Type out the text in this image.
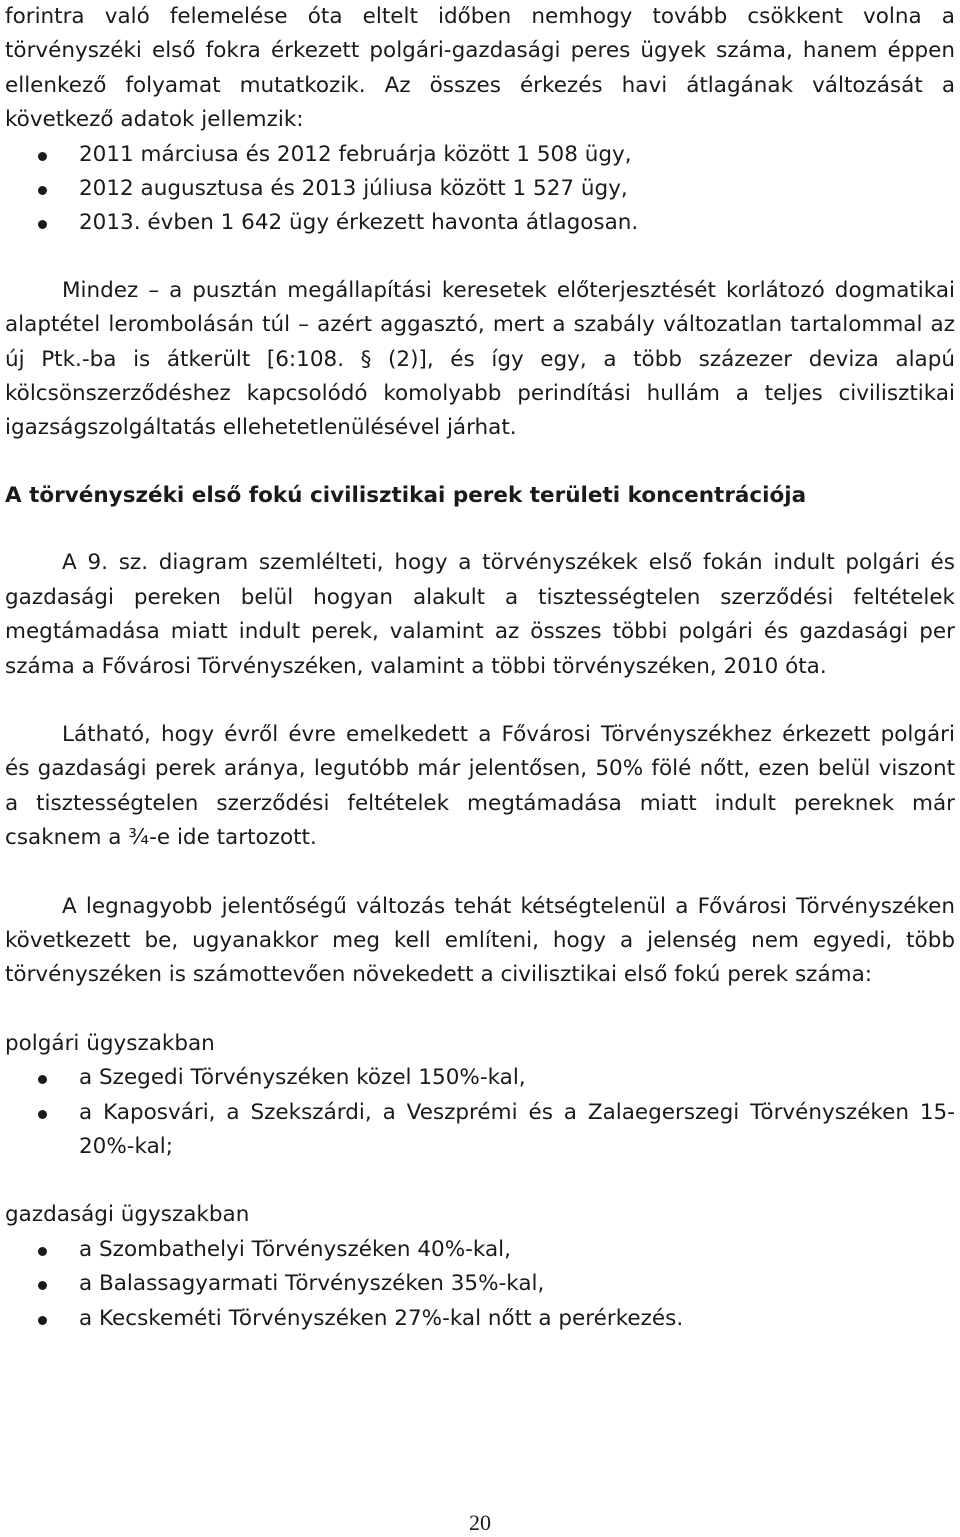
forintra való felemelése óta eltelt időben nemhogy tovább csökkent volna a törvényszéki első fokra érkezett polgári-gazdasági peres ügyek száma, hanem éppen ellenkező folyamat mutatkozik. Az összes érkezés havi átlagának változását a következő adatok jellemzik:

2011 márciusa és 2012 februárja között 1 508 ügy,
2012 augusztusa és 2013 júliusa között 1 527 ügy,
2013. évben 1 642 ügy érkezett havonta átlagosan.

Mindez – a pusztán megállapítási keresetek előterjesztését korlátozó dogmatikai alaptétel lerombolásán túl – azért aggasztó, mert a szabály változatlan tartalommal az új Ptk.-ba is átkerült [6:108. § (2)], és így egy, a több százezer deviza alapú kölcsönszerződéshez kapcsolódó komolyabb perindítási hullám a teljes civilisztikai igazságszolgáltatás ellehetetlenülésével járhat.

A törvényszéki első fokú civilisztikai perek területi koncentrációja

A 9. sz. diagram szemlélteti, hogy a törvényszékek első fokán indult polgári és gazdasági pereken belül hogyan alakult a tisztességtelen szerződési feltételek megtámadása miatt indult perek, valamint az összes többi polgári és gazdasági per száma a Fővárosi Törvényszéken, valamint a többi törvényszéken, 2010 óta.

Látható, hogy évről évre emelkedett a Fővárosi Törvényszékhez érkezett polgári és gazdasági perek aránya, legutóbb már jelentősen, 50% fölé nőtt, ezen belül viszont a tisztességtelen szerződési feltételek megtámadása miatt indult pereknek már csaknem a ¾-e ide tartozott.

A legnagyobb jelentőségű változás tehát kétségtelenül a Fővárosi Törvényszéken következett be, ugyanakkor meg kell említeni, hogy a jelenség nem egyedi, több törvényszéken is számottevően növekedett a civilisztikai első fokú perek száma:

polgári ügyszakban

a Szegedi Törvényszéken közel 150%-kal,
a Kaposvári, a Szekszárdi, a Veszprémi és a Zalaegerszegi Törvényszéken 15-20%-kal;

gazdasági ügyszakban

a Szombathelyi Törvényszéken 40%-kal,
a Balassagyarmati Törvényszéken 35%-kal,
a Kecskeméti Törvényszéken 27%-kal nőtt a perérkezés.
20
